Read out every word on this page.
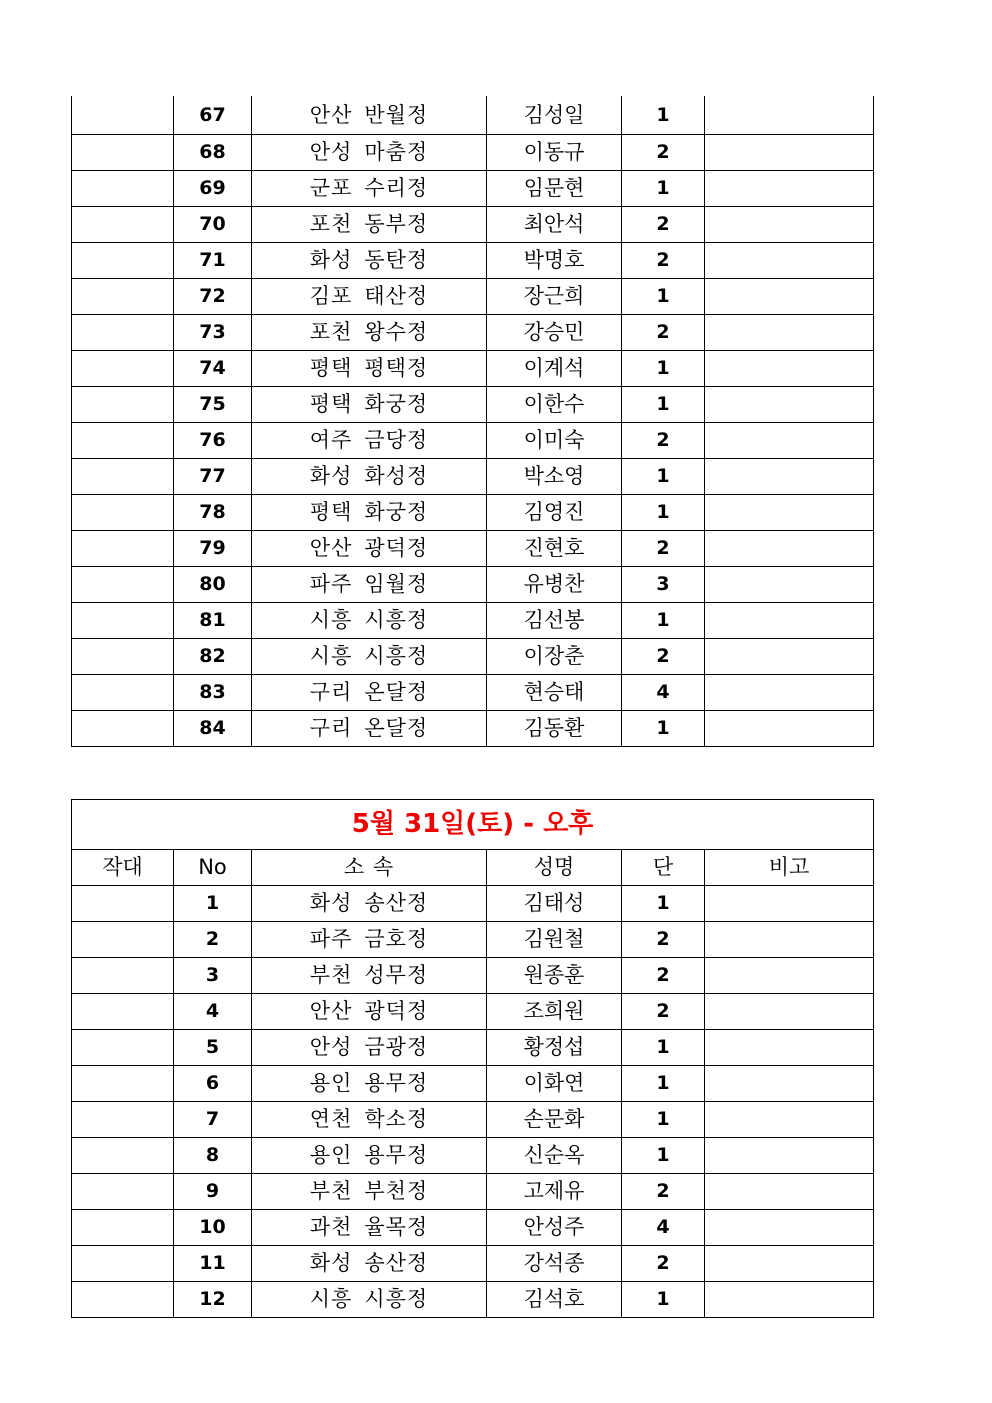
	67	안산 반월정	김성일	1	
	68	안성 마춤정	이동규	2	
	69	군포 수리정	임문현	1	
	70	포천 동부정	최안석	2	
	71	화성 동탄정	박명호	2	
	72	김포 태산정	장근희	1	
	73	포천 왕수정	강승민	2	
	74	평택 평택정	이계석	1	
	75	평택 화궁정	이한수	1	
	76	여주 금당정	이미숙	2	
	77	화성 화성정	박소영	1	
	78	평택 화궁정	김영진	1	
	79	안산 광덕정	진현호	2	
	80	파주 임월정	유병찬	3	
	81	시흥 시흥정	김선봉	1	
	82	시흥 시흥정	이장춘	2	
	83	구리 온달정	현승태	4	
	84	구리 온달정	김동환	1	
5월 31일(토) - 오후					
작대	No	소 속	성명	단	비고
	1	화성 송산정	김태성	1	
	2	파주 금호정	김원철	2	
	3	부천 성무정	원종훈	2	
	4	안산 광덕정	조희원	2	
	5	안성 금광정	황정섭	1	
	6	용인 용무정	이화연	1	
	7	연천 학소정	손문화	1	
	8	용인 용무정	신순옥	1	
	9	부천 부천정	고제유	2	
	10	과천 율목정	안성주	4	
	11	화성 송산정	강석종	2	
	12	시흥 시흥정	김석호	1	
